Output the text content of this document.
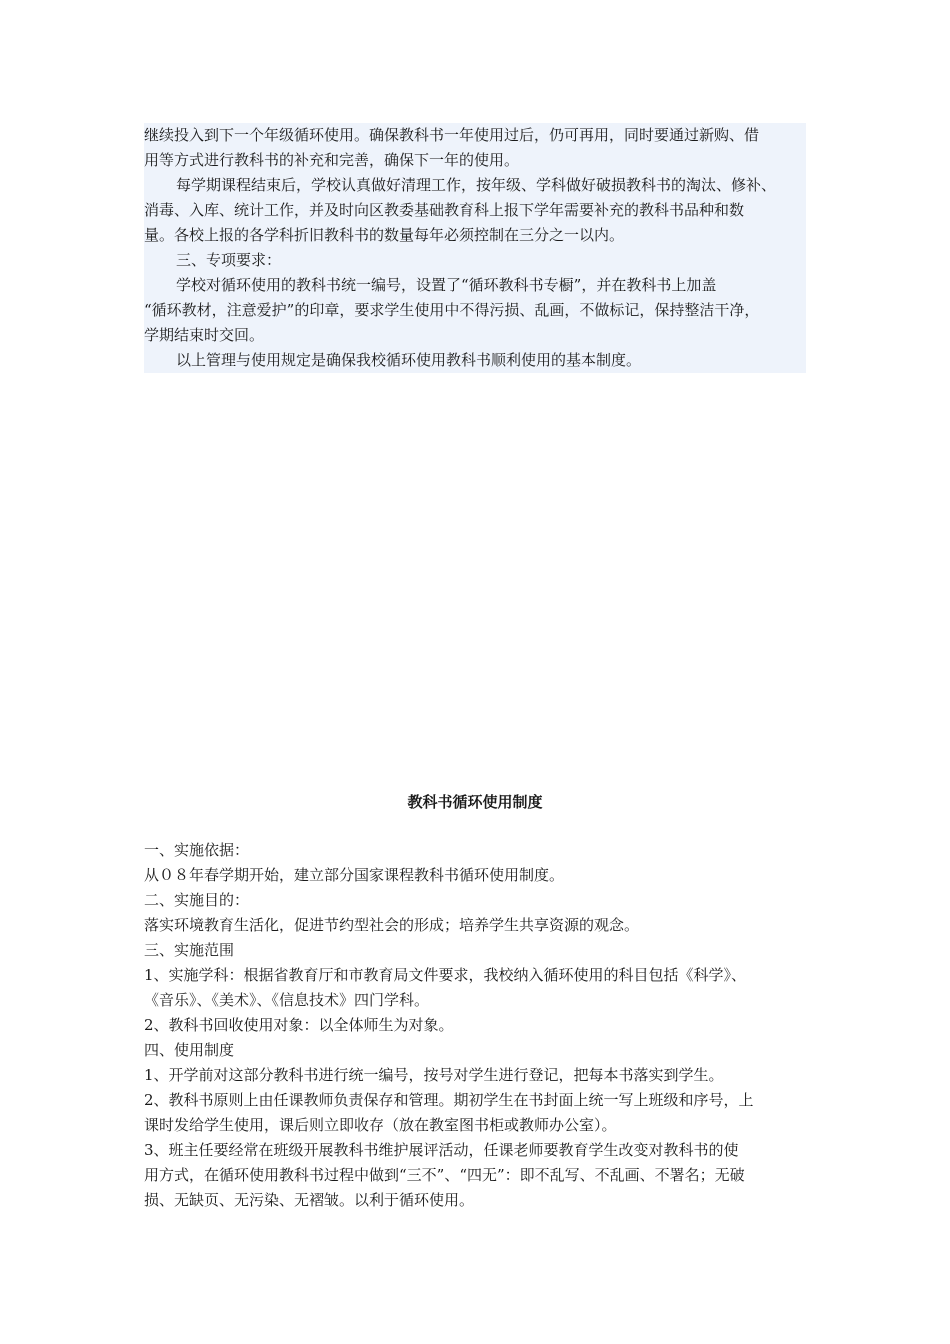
继续投入到下一个年级循环使用。确保教科书一年使用过后，仍可再用，同时要通过新购、借
用等方式进行教科书的补充和完善，确保下一年的使用。
每学期课程结束后，学校认真做好清理工作，按年级、学科做好破损教科书的淘汰、修补、
消毒、入库、统计工作，并及时向区教委基础教育科上报下学年需要补充的教科书品种和数
量。各校上报的各学科折旧教科书的数量每年必须控制在三分之一以内。
三、专项要求：
学校对循环使用的教科书统一编号，设置了“循环教科书专橱”，并在教科书上加盖
“循环教材，注意爱护”的印章，要求学生使用中不得污损、乱画，不做标记，保持整洁干净，
学期结束时交回。
以上管理与使用规定是确保我校循环使用教科书顺利使用的基本制度。
教科书循环使用制度
一、实施依据：
从０８年春学期开始，建立部分国家课程教科书循环使用制度。
二、实施目的：
落实环境教育生活化，促进节约型社会的形成；培养学生共享资源的观念。
三、实施范围
1、实施学科：根据省教育厅和市教育局文件要求，我校纳入循环使用的科目包括《科学》、
《音乐》、《美术》、《信息技术》四门学科。
2、教科书回收使用对象：以全体师生为对象。
四、使用制度
1、开学前对这部分教科书进行统一编号，按号对学生进行登记，把每本书落实到学生。
2、教科书原则上由任课教师负责保存和管理。期初学生在书封面上统一写上班级和序号，上
课时发给学生使用，课后则立即收存（放在教室图书柜或教师办公室）。
3、班主任要经常在班级开展教科书维护展评活动，任课老师要教育学生改变对教科书的使
用方式，在循环使用教科书过程中做到“三不”、“四无”：即不乱写、不乱画、不署名；无破
损、无缺页、无污染、无褶皱。以利于循环使用。
